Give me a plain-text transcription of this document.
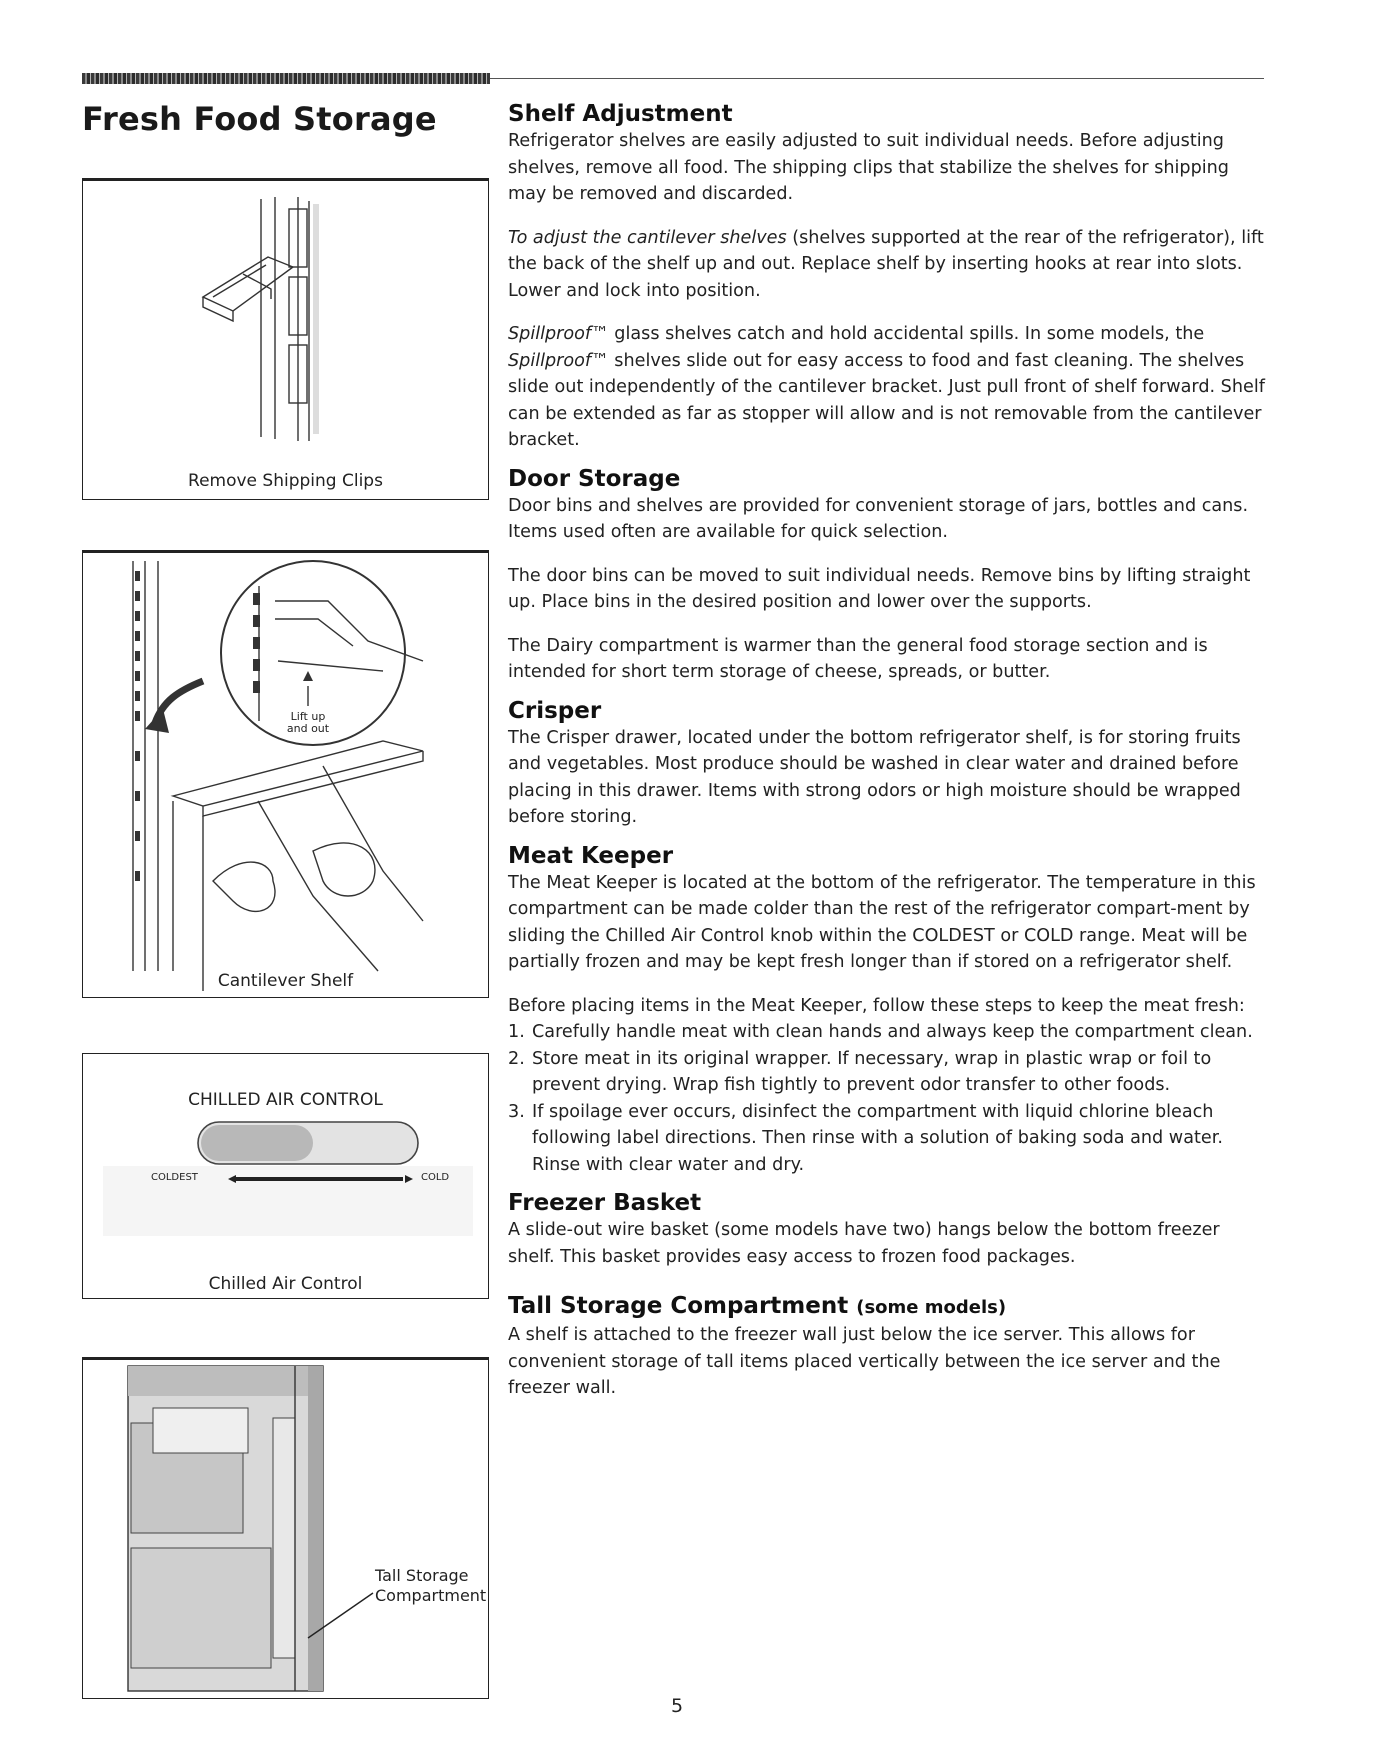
Fresh Food Storage
Remove Shipping Clips
Lift up
and out
Cantilever Shelf
CHILLED AIR CONTROL
COLDEST	COLD
Chilled Air Control
Tall Storage
Compartment
Shelf Adjustment

Refrigerator shelves are easily adjusted to suit individual needs. Before adjusting shelves, remove all food. The shipping clips that stabilize the shelves for shipping may be removed and discarded.

To adjust the cantilever shelves (shelves supported at the rear of the refrigerator), lift the back of the shelf up and out. Replace shelf by inserting hooks at rear into slots. Lower and lock into position.

Spillproof™ glass shelves catch and hold accidental spills. In some models, the Spillproof™ shelves slide out for easy access to food and fast cleaning. The shelves slide out independently of the cantilever bracket. Just pull front of shelf forward. Shelf can be extended as far as stopper will allow and is not removable from the cantilever bracket.

Door Storage

Door bins and shelves are provided for convenient storage of jars, bottles and cans. Items used often are available for quick selection.

The door bins can be moved to suit individual needs. Remove bins by lifting straight up. Place bins in the desired position and lower over the supports.

The Dairy compartment is warmer than the general food storage section and is intended for short term storage of cheese, spreads, or butter.

Crisper

The Crisper drawer, located under the bottom refrigerator shelf, is for storing fruits and vegetables. Most produce should be washed in clear water and drained before placing in this drawer. Items with strong odors or high moisture should be wrapped before storing.

Meat Keeper

The Meat Keeper is located at the bottom of the refrigerator. The temperature in this compartment can be made colder than the rest of the refrigerator compart-ment by sliding the Chilled Air Control knob within the COLDEST or COLD range. Meat will be partially frozen and may be kept fresh longer than if stored on a refrigerator shelf.

Before placing items in the Meat Keeper, follow these steps to keep the meat fresh:

1. Carefully handle meat with clean hands and always keep the compartment clean.
2. Store meat in its original wrapper. If necessary, wrap in plastic wrap or foil to prevent drying. Wrap fish tightly to prevent odor transfer to other foods.
3. If spoilage ever occurs, disinfect the compartment with liquid chlorine bleach following label directions. Then rinse with a solution of baking soda and water. Rinse with clear water and dry.
Freezer Basket

A slide-out wire basket (some models have two) hangs below the bottom freezer shelf. This basket provides easy access to frozen food packages.

Tall Storage Compartment (some models)

A shelf is attached to the freezer wall just below the ice server. This allows for convenient storage of tall items placed vertically between the ice server and the freezer wall.

5
